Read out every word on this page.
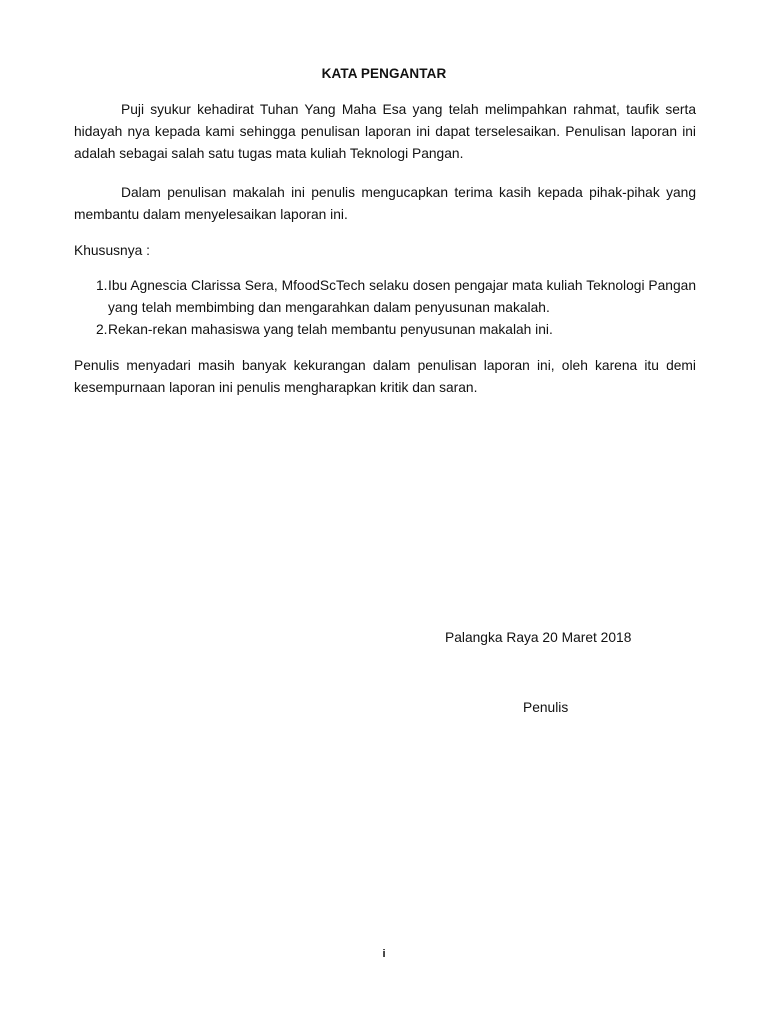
KATA PENGANTAR

Puji syukur kehadirat Tuhan Yang Maha Esa yang telah melimpahkan rahmat, taufik serta hidayah nya kepada kami sehingga penulisan laporan ini dapat terselesaikan. Penulisan laporan ini adalah sebagai salah satu tugas mata kuliah Teknologi Pangan.

Dalam penulisan makalah ini penulis mengucapkan terima kasih kepada pihak-pihak yang membantu dalam menyelesaikan laporan ini.

Khususnya :

1. Ibu Agnescia Clarissa Sera, MfoodScTech selaku dosen pengajar mata kuliah Teknologi Pangan yang telah membimbing dan mengarahkan dalam penyusunan makalah.
2. Rekan-rekan mahasiswa yang telah membantu penyusunan makalah ini.

Penulis menyadari masih banyak kekurangan dalam penulisan laporan ini, oleh karena itu demi kesempurnaan laporan ini penulis mengharapkan kritik dan saran.

Palangka Raya 20 Maret 2018
Penulis
i
